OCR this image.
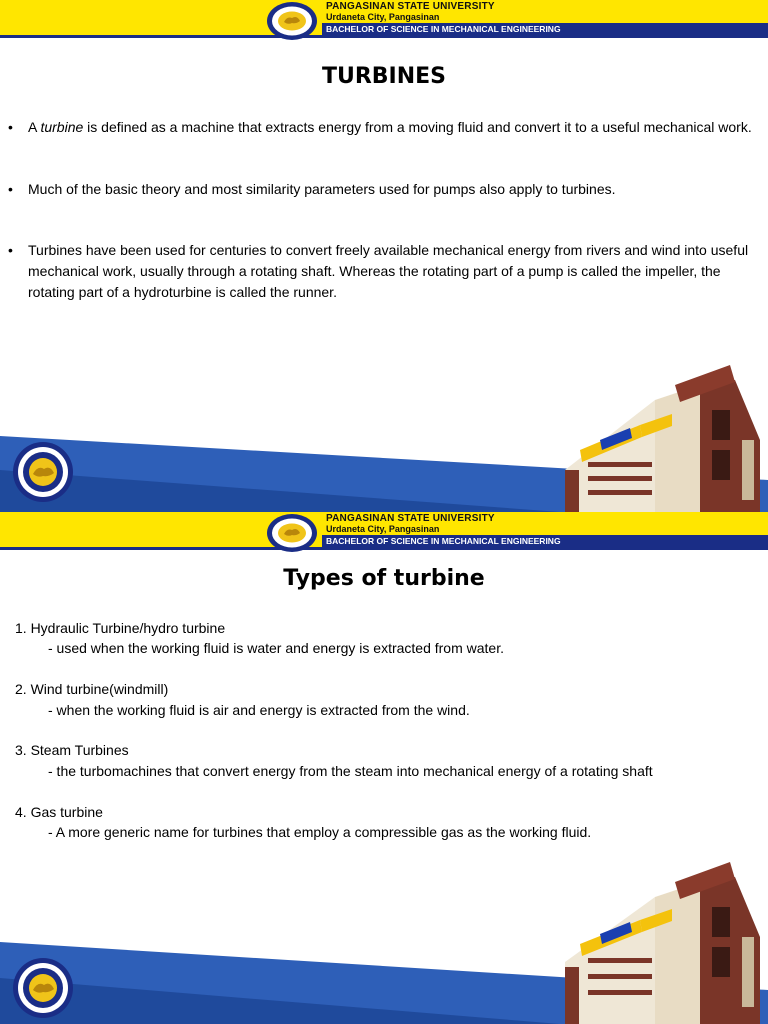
PANGASINAN STATE UNIVERSITY
Urdaneta City, Pangasinan
BACHELOR OF SCIENCE IN MECHANICAL ENGINEERING
TURBINES
• A turbine is defined as a machine that extracts energy from a moving fluid and convert it to a useful mechanical work.
• Much of the basic theory and most similarity parameters used for pumps also apply to turbines.
• Turbines have been used for centuries to convert freely available mechanical energy from rivers and wind into useful mechanical work, usually through a rotating shaft. Whereas the rotating part of a pump is called the impeller, the rotating part of a hydroturbine is called the runner.
PANGASINAN STATE UNIVERSITY
Urdaneta City, Pangasinan
BACHELOR OF SCIENCE IN MECHANICAL ENGINEERING
Types of turbine
1. Hydraulic Turbine/hydro turbine
- used when the working fluid is water and energy is extracted from water.
2. Wind turbine(windmill)
- when the working fluid is air and energy is extracted from the wind.
3. Steam Turbines
- the turbomachines that convert energy from the steam into mechanical energy of a rotating shaft
4. Gas turbine
- A more generic name for turbines that employ a compressible gas as the working fluid.
